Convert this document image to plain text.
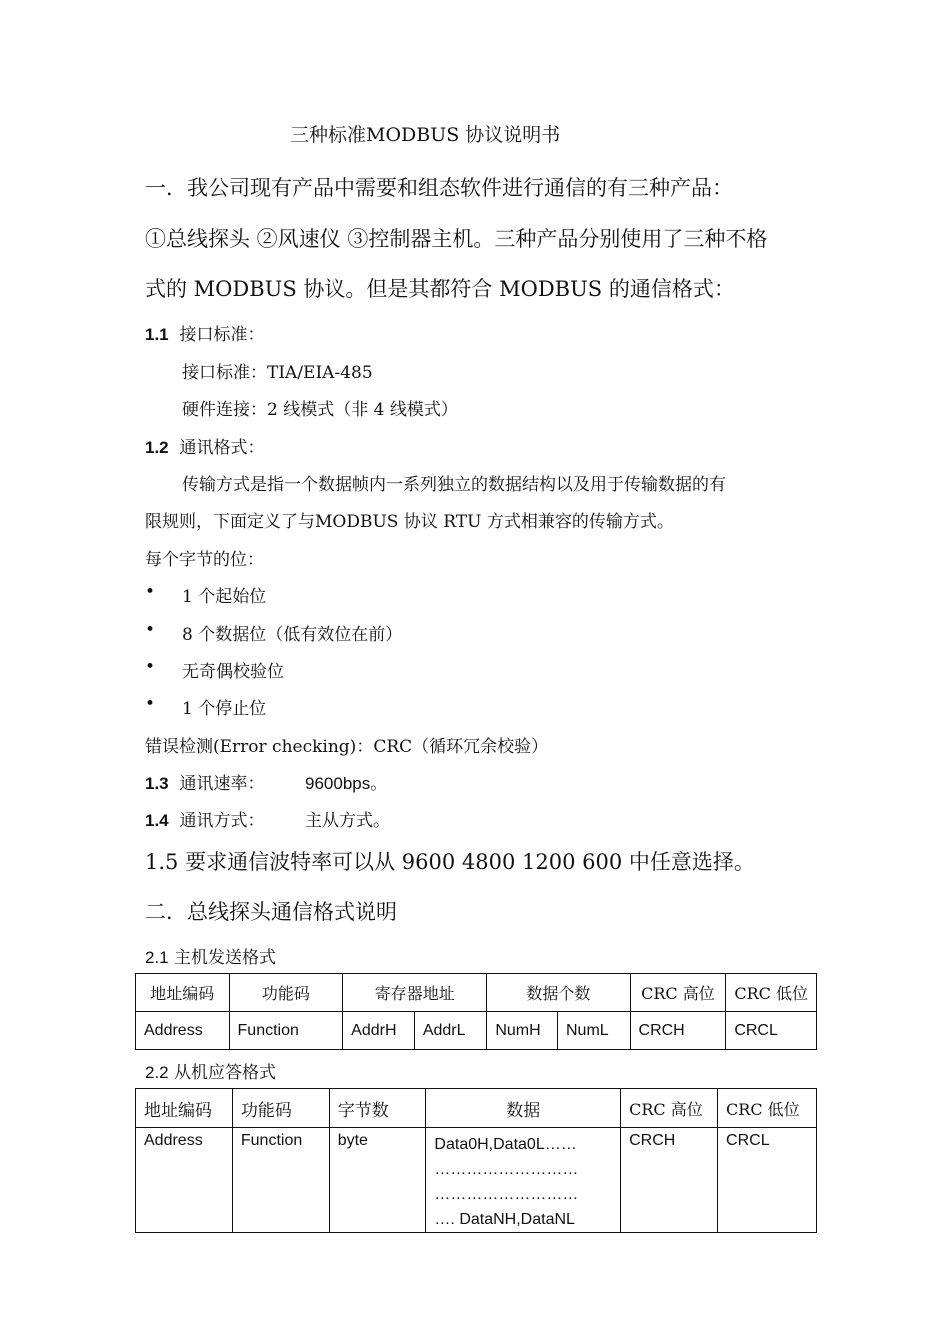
三种标准MODBUS 协议说明书
一．我公司现有产品中需要和组态软件进行通信的有三种产品：
①总线探头 ②风速仪 ③控制器主机。三种产品分别使用了三种不格
式的 MODBUS 协议。但是其都符合 MODBUS 的通信格式：
1.1 接口标准：
接口标准：TIA/EIA-485
硬件连接：2 线模式（非 4 线模式）
1.2 通讯格式：
传输方式是指一个数据帧内一系列独立的数据结构以及用于传输数据的有
限规则，下面定义了与MODBUS 协议 RTU 方式相兼容的传输方式。
每个字节的位：
• 1 个起始位
• 8 个数据位（低有效位在前）
• 无奇偶校验位
• 1 个停止位
错误检测(Error checking)：CRC（循环冗余校验）
1.3 通讯速率： 9600bps。
1.4 通讯方式： 主从方式。
1.5 要求通信波特率可以从 9600 4800 1200 600 中任意选择。
二．总线探头通信格式说明
2.1 主机发送格式
地址编码	功能码	寄存器地址		数据个数		CRC 高位	CRC 低位
Address	Function	AddrH	AddrL	NumH	NumL	CRCH	CRCL
2.2 从机应答格式
地址编码	功能码	字节数	数据	CRC 高位	CRC 低位
Address	Function	byte	Data0H,Data0L……
………………………
………………………
…. DataNH,DataNL	CRCH	CRCL
